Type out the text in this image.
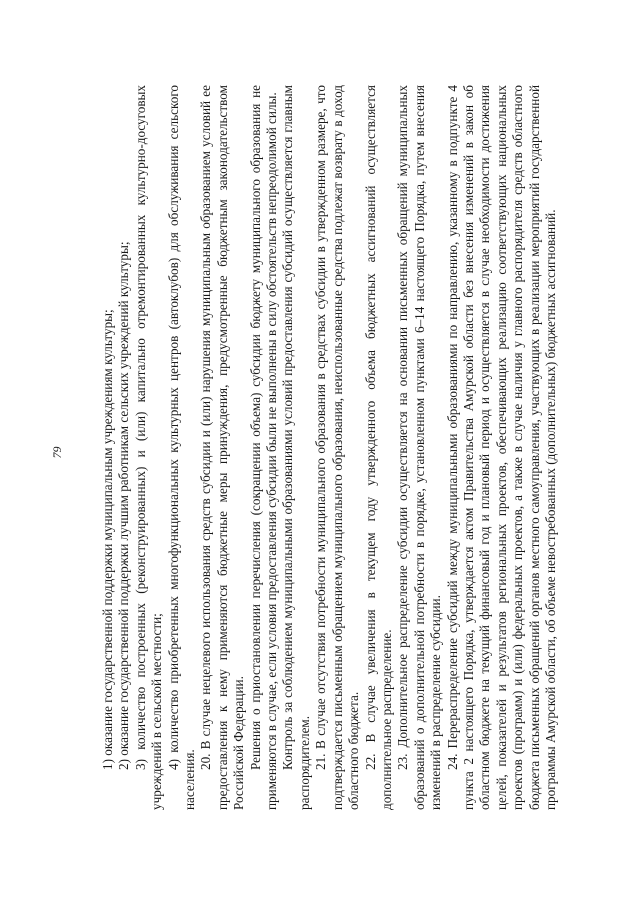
79	1) оказание государственной поддержки муниципальным учреждениям культуры; 2) оказание государственной поддержки лучшим работникам сельских учреждений культуры; 3) количество построенных (реконструированных) и (или) капитально отремонтированных культурно-досуговых учреждений в сельской местности; 4) количество приобретенных многофункциональных культурных центров (автоклубов) для обслуживания сельского населения.

20. В случае нецелевого использования средств субсидии и (или) нарушения муниципальным образованием условий ее предоставления к нему применяются бюджетные меры принуждения, предусмотренные бюджетным законодательством Российской Федерации. Решения о приостановлении перечисления (сокращении объема) субсидии бюджету муниципального образования не применяются в случае, если условия предоставления субсидии были не выполнены в силу обстоятельств непреодолимой силы. Контроль за соблюдением муниципальными образованиями условий предоставления субсидий осуществляется главным распорядителем. 21. В случае отсутствия потребности муниципального образования в средствах субсидии в утвержденном размере, что подтверждается письменным обращением муниципального образования, неиспользованные средства подлежат возврату в доход областного бюджета. 22. В случае увеличения в текущем году утвержденного объема бюджетных ассигнований осуществляется дополнительное распределение. 23. Дополнительное распределение субсидии осуществляется на основании письменных обращений муниципальных образований о дополнительной потребности в порядке, установленном пунктами 6–14 настоящего Порядка, путем внесения изменений в распределение субсидии. 24. Перераспределение субсидий между муниципальными образованиями по направлению, указанному в подпункте 4 пункта 2 настоящего Порядка, утверждается актом Правительства Амурской области без внесения изменений в закон об областном бюджете на текущий финансовый год и плановый период и осуществляется в случае необходимости достижения целей, показателей и результатов региональных проектов, обеспечивающих реализацию соответствующих национальных проектов (программ) и (или) федеральных проектов, а также в случае наличия у главного распорядителя средств областного бюджета письменных обращений органов местного самоуправления, участвующих в реализации мероприятий государственной программы Амурской области, об объеме невостребованных (дополнительных) бюджетных ассигнований.
